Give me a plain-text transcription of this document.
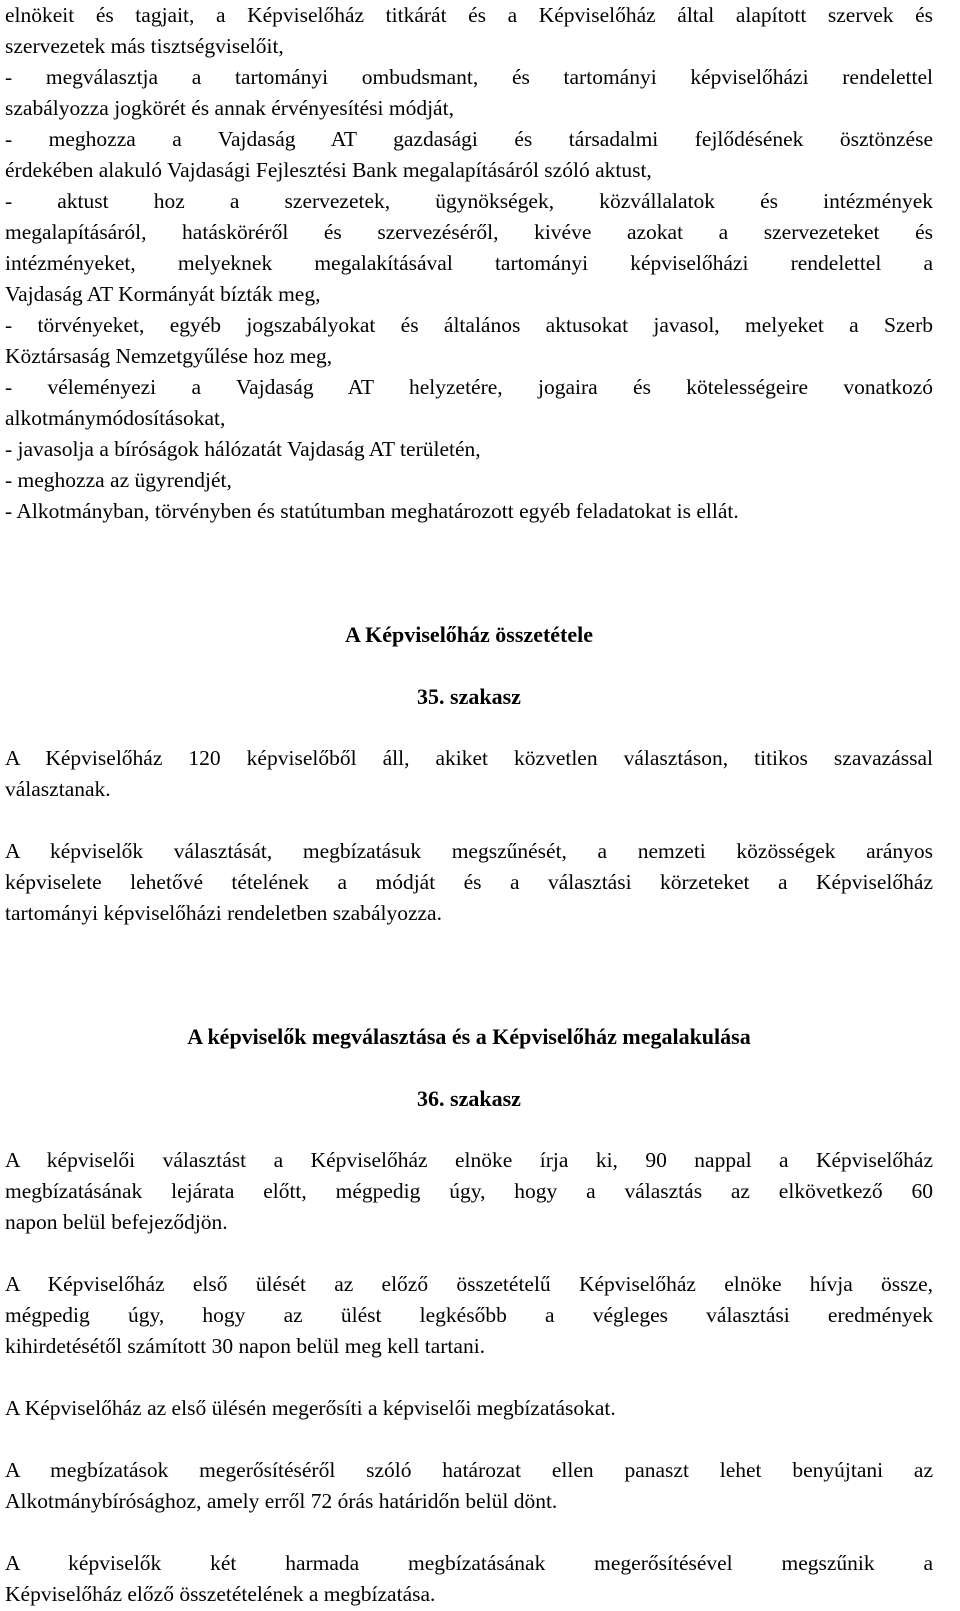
elnökeit és tagjait, a Képviselőház titkárát és a Képviselőház által alapított szervek és
szervezetek más tisztségviselőit,
- megválasztja a tartományi ombudsmant, és tartományi képviselőházi rendelettel
szabályozza jogkörét és annak érvényesítési módját,
- meghozza a Vajdaság AT gazdasági és társadalmi fejlődésének ösztönzése
érdekében alakuló Vajdasági Fejlesztési Bank megalapításáról szóló aktust,
- aktust hoz a szervezetek, ügynökségek, közvállalatok és intézmények
megalapításáról, hatásköréről és szervezéséről, kivéve azokat a szervezeteket és
intézményeket, melyeknek megalakításával tartományi képviselőházi rendelettel a
Vajdaság AT Kormányát bízták meg,
- törvényeket, egyéb jogszabályokat és általános aktusokat javasol, melyeket a Szerb
Köztársaság Nemzetgyűlése hoz meg,
- véleményezi a Vajdaság AT helyzetére, jogaira és kötelességeire vonatkozó
alkotmánymódosításokat,
- javasolja a bíróságok hálózatát Vajdaság AT területén,
- meghozza az ügyrendjét,
- Alkotmányban, törvényben és statútumban meghatározott egyéb feladatokat is ellát.
A Képviselőház összetétele
35. szakasz
A Képviselőház 120 képviselőből áll, akiket közvetlen választáson, titikos szavazással
választanak.
A képviselők választását, megbízatásuk megszűnését, a nemzeti közösségek arányos
képviselete lehetővé tételének a módját és a választási körzeteket a Képviselőház
tartományi képviselőházi rendeletben szabályozza.
A képviselők megválasztása és a Képviselőház megalakulása
36. szakasz
A képviselői választást a Képviselőház elnöke írja ki, 90 nappal a Képviselőház
megbízatásának lejárata előtt, mégpedig úgy, hogy a választás az elkövetkező 60
napon belül befejeződjön.
A Képviselőház első ülését az előző összetételű Képviselőház elnöke hívja össze,
mégpedig úgy, hogy az ülést legkésőbb a végleges választási eredmények
kihirdetésétől számított 30 napon belül meg kell tartani.
A Képviselőház az első ülésén megerősíti a képviselői megbízatásokat.
A megbízatások megerősítéséről szóló határozat ellen panaszt lehet benyújtani az
Alkotmánybírósághoz, amely erről 72 órás határidőn belül dönt.
A képviselők két harmada megbízatásának megerősítésével megszűnik a
Képviselőház előző összetételének a megbízatása.
